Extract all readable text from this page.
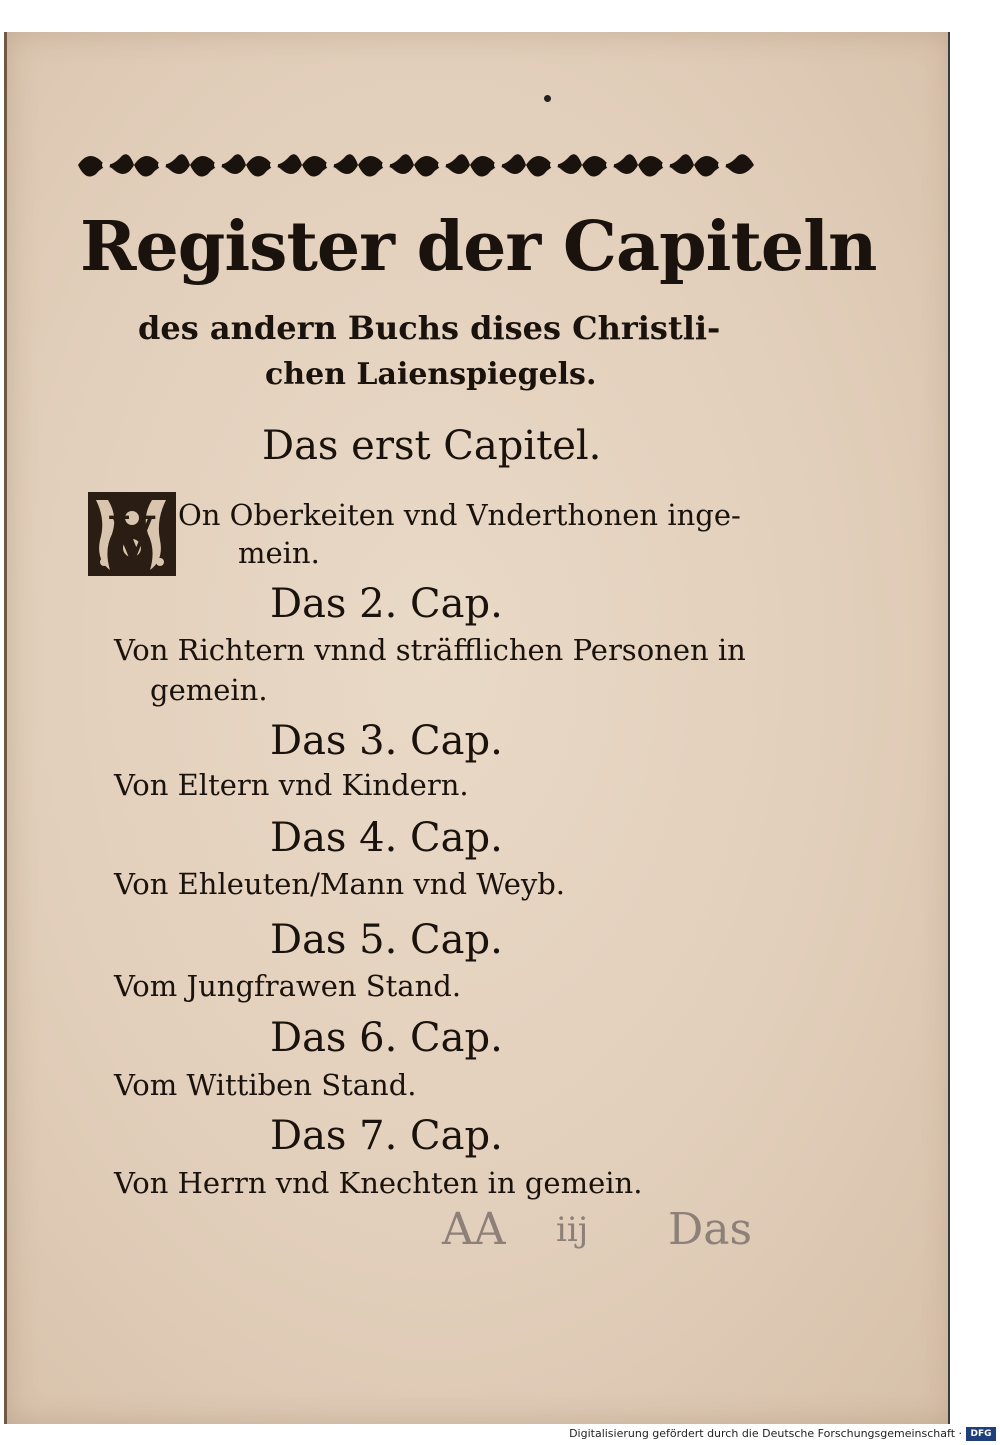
Register der Capiteln
des andern Buchs dises Christli-
chen Laienspiegels.
Das erst Capitel.
V On Oberkeiten vnd Vnderthonen inge-
mein.
Das 2. Cap.
Von Richtern vnnd sträfflichen Personen in
gemein.
Das 3. Cap.
Von Eltern vnd Kindern.
Das 4. Cap.
Von Ehleuten/Mann vnd Weyb.
Das 5. Cap.
Vom Jungfrawen Stand.
Das 6. Cap.
Vom Wittiben Stand.
Das 7. Cap.
Von Herrn vnd Knechten in gemein.
AA iij Das
Digitalisierung gefördert durch die Deutsche Forschungsgemeinschaft · DFG
